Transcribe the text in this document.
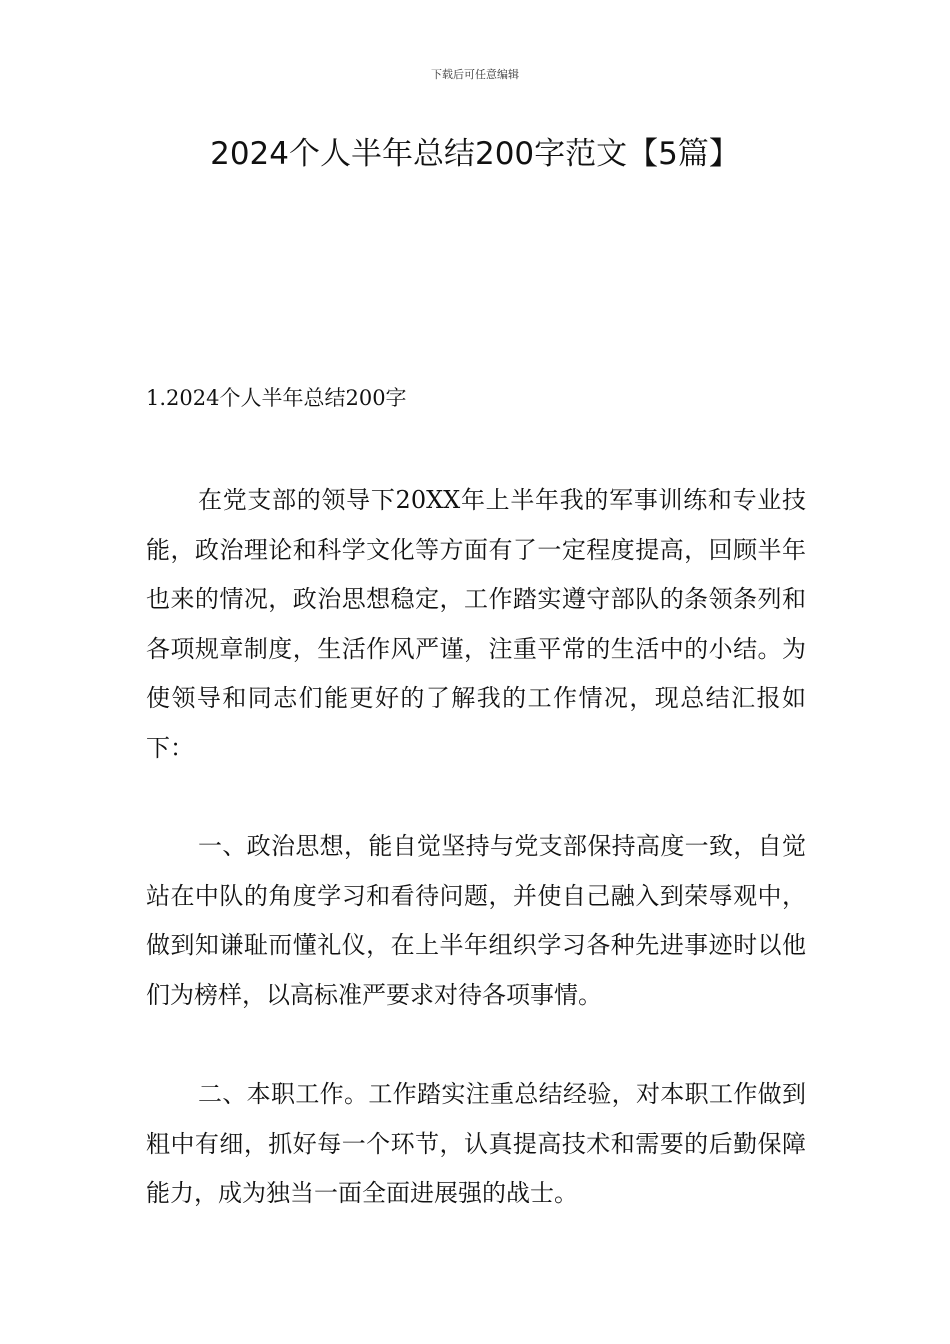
下载后可任意编辑
2024个人半年总结200字范文【5篇】
1.2024个人半年总结200字

在党支部的领导下20XX年上半年我的军事训练和专业技能，政治理论和科学文化等方面有了一定程度提高，回顾半年也来的情况，政治思想稳定，工作踏实遵守部队的条领条列和各项规章制度，生活作风严谨，注重平常的生活中的小结。为使领导和同志们能更好的了解我的工作情况，现总结汇报如下：

一、政治思想，能自觉坚持与党支部保持高度一致，自觉站在中队的角度学习和看待问题，并使自己融入到荣辱观中，做到知谦耻而懂礼仪，在上半年组织学习各种先进事迹时以他们为榜样，以高标准严要求对待各项事情。

二、本职工作。工作踏实注重总结经验，对本职工作做到粗中有细，抓好每一个环节，认真提高技术和需要的后勤保障能力，成为独当一面全面进展强的战士。
